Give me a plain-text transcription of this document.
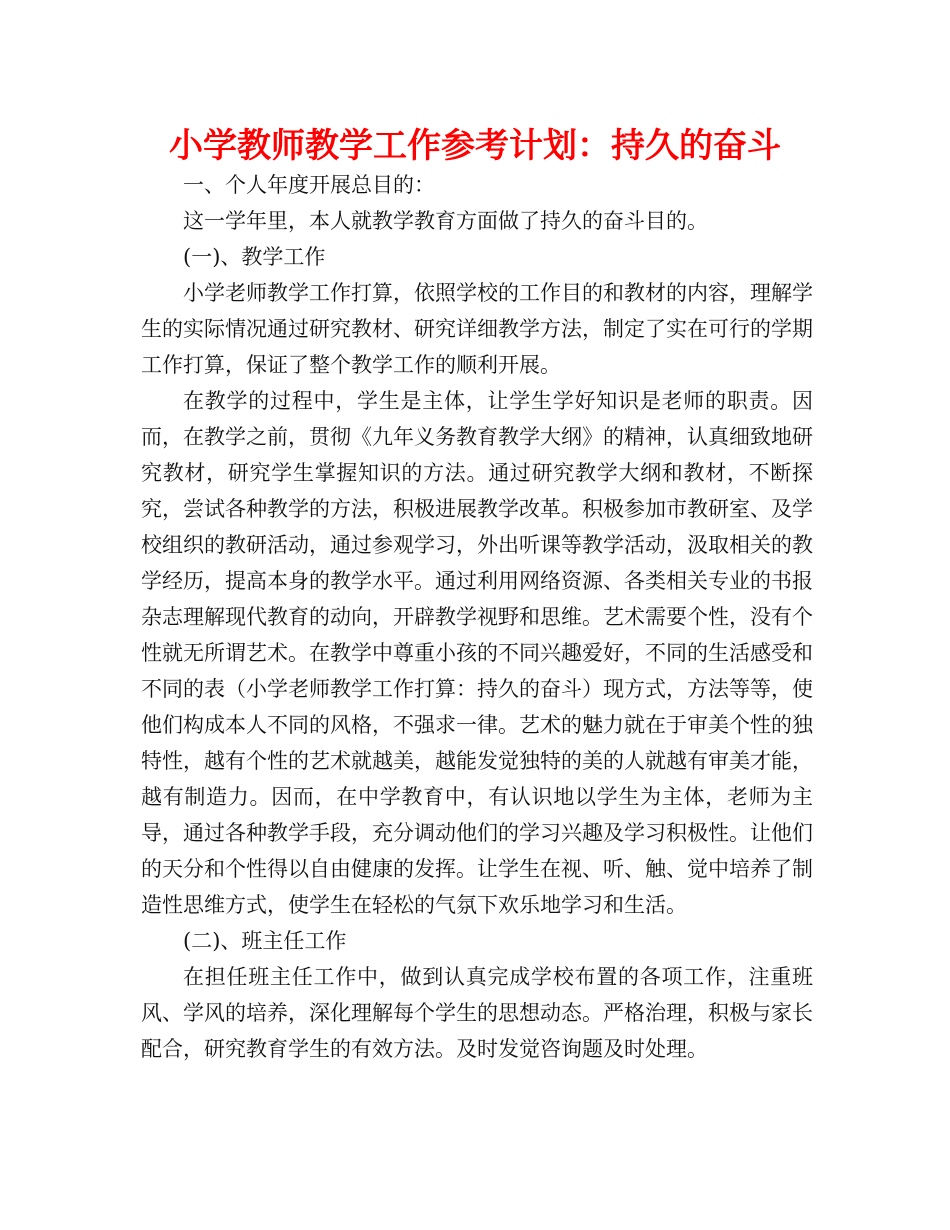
小学教师教学工作参考计划：持久的奋斗

一、个人年度开展总目的：

这一学年里，本人就教学教育方面做了持久的奋斗目的。

(一)、教学工作

小学老师教学工作打算，依照学校的工作目的和教材的内容，理解学生的实际情况通过研究教材、研究详细教学方法，制定了实在可行的学期工作打算，保证了整个教学工作的顺利开展。

在教学的过程中，学生是主体，让学生学好知识是老师的职责。因而，在教学之前，贯彻《九年义务教育教学大纲》的精神，认真细致地研究教材，研究学生掌握知识的方法。通过研究教学大纲和教材，不断探究，尝试各种教学的方法，积极进展教学改革。积极参加市教研室、及学校组织的教研活动，通过参观学习，外出听课等教学活动，汲取相关的教学经历，提高本身的教学水平。通过利用网络资源、各类相关专业的书报杂志理解现代教育的动向，开辟教学视野和思维。艺术需要个性，没有个性就无所谓艺术。在教学中尊重小孩的不同兴趣爱好，不同的生活感受和不同的表（小学老师教学工作打算：持久的奋斗）现方式，方法等等，使他们构成本人不同的风格，不强求一律。艺术的魅力就在于审美个性的独特性，越有个性的艺术就越美，越能发觉独特的美的人就越有审美才能，越有制造力。因而，在中学教育中，有认识地以学生为主体，老师为主导，通过各种教学手段，充分调动他们的学习兴趣及学习积极性。让他们的天分和个性得以自由健康的发挥。让学生在视、听、触、觉中培养了制造性思维方式，使学生在轻松的气氛下欢乐地学习和生活。

(二)、班主任工作

在担任班主任工作中，做到认真完成学校布置的各项工作，注重班风、学风的培养，深化理解每个学生的思想动态。严格治理，积极与家长配合，研究教育学生的有效方法。及时发觉咨询题及时处理。
